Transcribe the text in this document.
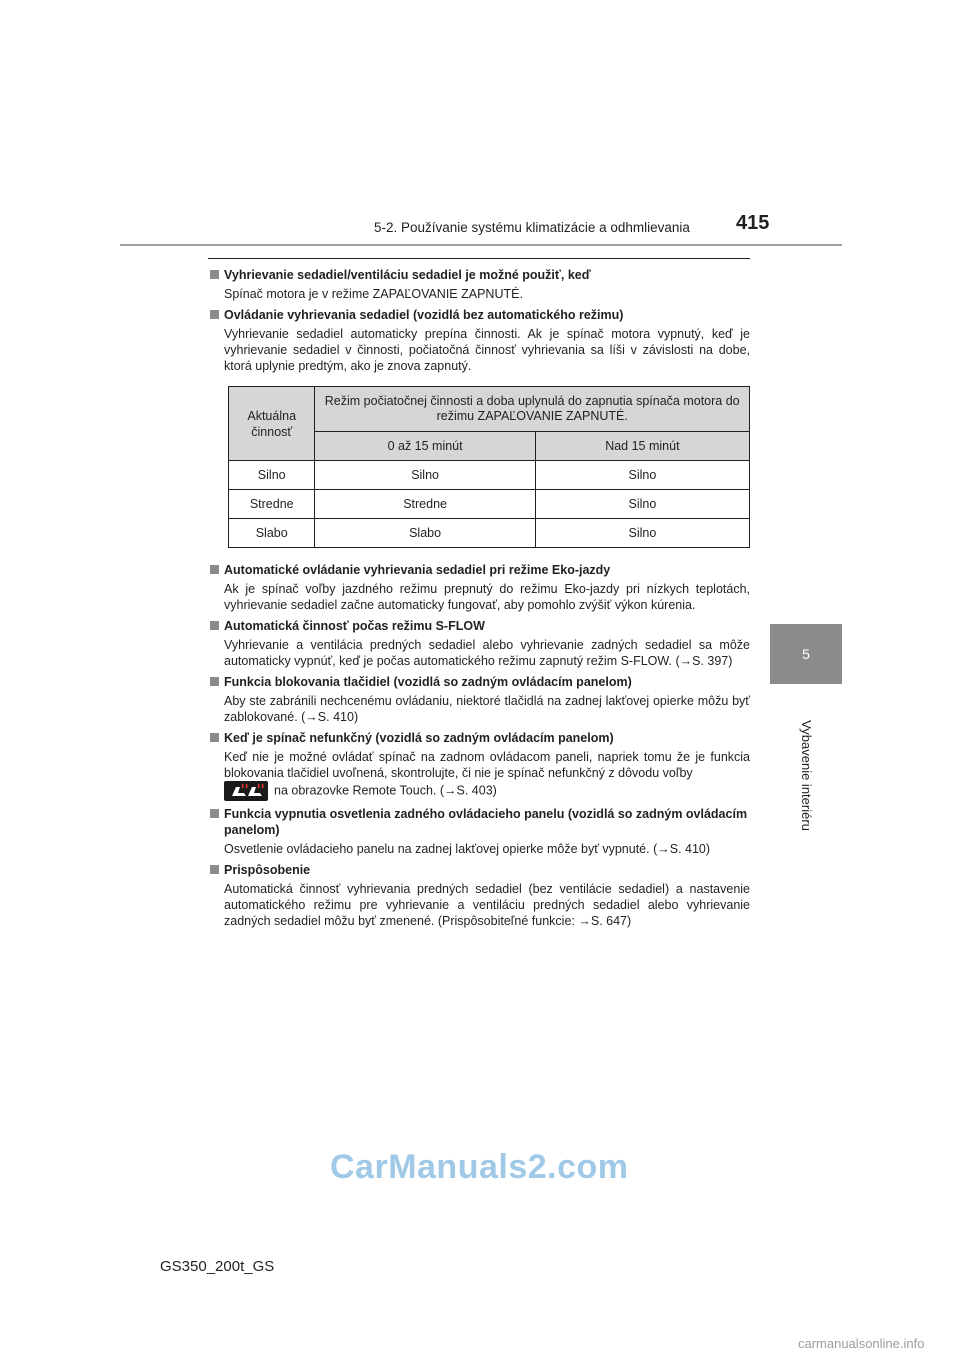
5-2. Používanie systému klimatizácie a odhmlievania	415
5
Vybavenie interiéru
Vyhrievanie sedadiel/ventiláciu sedadiel je možné použiť, keď
Spínač motora je v režime ZAPAĽOVANIE ZAPNUTÉ.
Ovládanie vyhrievania sedadiel (vozidlá bez automatického režimu)
Vyhrievanie sedadiel automaticky prepína činnosti. Ak je spínač motora vypnutý, keď je vyhrievanie sedadiel v činnosti, počiatočná činnosť vyhrievania sa líši v závislosti na dobe, ktorá uplynie predtým, ako je znova zapnutý.
Aktuálna činnosť	Režim počiatočnej činnosti a doba uplynulá do zapnutia spínača motora do režimu ZAPAĽOVANIE ZAPNUTÉ.	
	0 až 15 minút	Nad 15 minút
Silno	Silno	Silno
Stredne	Stredne	Silno
Slabo	Slabo	Silno
Automatické ovládanie vyhrievania sedadiel pri režime Eko-jazdy
Ak je spínač voľby jazdného režimu prepnutý do režimu Eko-jazdy pri nízkych teplotách, vyhrievanie sedadiel začne automaticky fungovať, aby pomohlo zvýšiť výkon kúrenia.
Automatická činnosť počas režimu S-FLOW
Vyhrievanie a ventilácia predných sedadiel alebo vyhrievanie zadných sedadiel sa môže automaticky vypnúť, keď je počas automatického režimu zapnutý režim S-FLOW. (→S. 397)
Funkcia blokovania tlačidiel (vozidlá so zadným ovládacím panelom)
Aby ste zabránili nechcenému ovládaniu, niektoré tlačidlá na zadnej lakťovej opierke môžu byť zablokované. (→S. 410)
Keď je spínač nefunkčný (vozidlá so zadným ovládacím panelom)
Keď nie je možné ovládať spínač na zadnom ovládacom paneli, napriek tomu že je funkcia blokovania tlačidiel uvoľnená, skontrolujte, či nie je spínač nefunkčný z dôvodu voľby
na obrazovke Remote Touch. (→S. 403)
Funkcia vypnutia osvetlenia zadného ovládacieho panelu (vozidlá so zadným ovládacím panelom)
Osvetlenie ovládacieho panelu na zadnej lakťovej opierke môže byť vypnuté. (→S. 410)
Prispôsobenie
Automatická činnosť vyhrievania predných sedadiel (bez ventilácie sedadiel) a nastavenie automatického režimu pre vyhrievanie a ventiláciu predných sedadiel alebo vyhrievanie zadných sedadiel môžu byť zmenené. (Prispôsobiteľné funkcie: →S. 647)
CarManuals2.com
GS350_200t_GS
carmanualsonline.info
